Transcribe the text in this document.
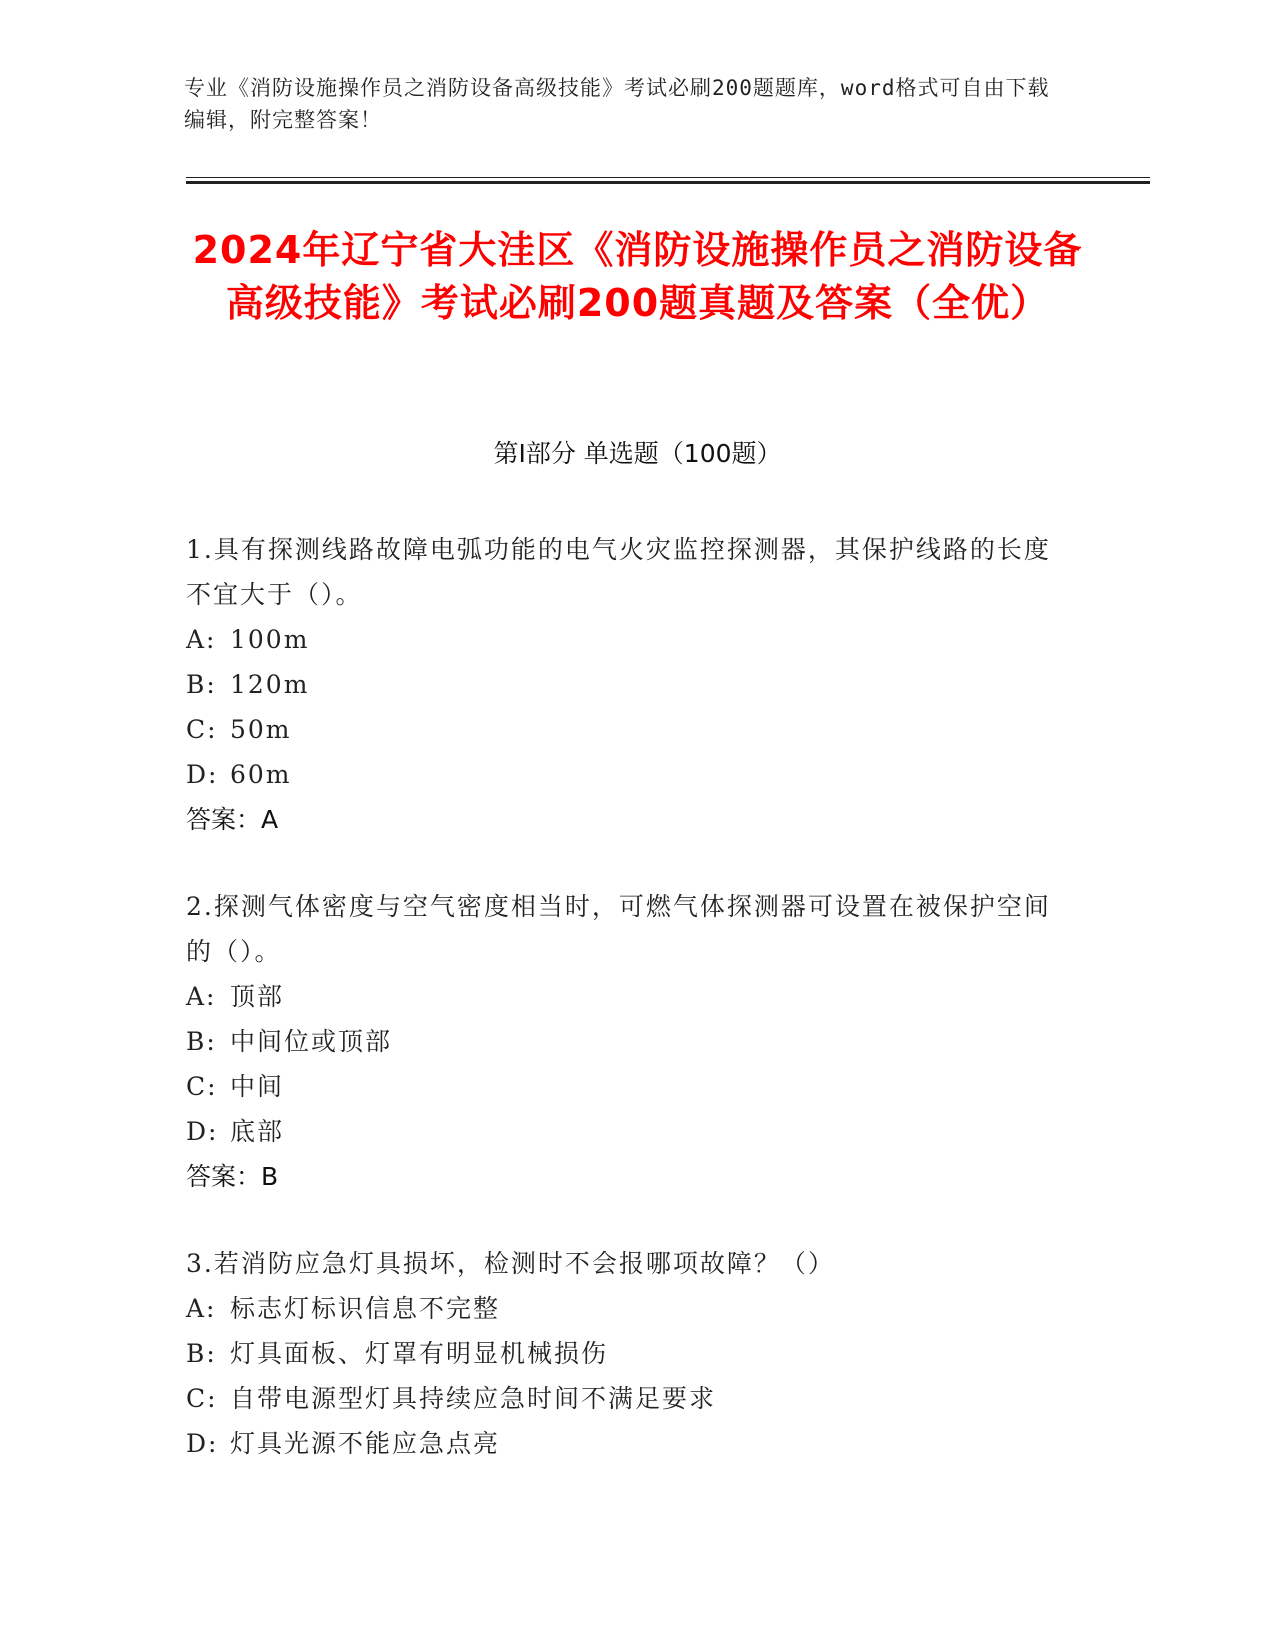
专业《消防设施操作员之消防设备高级技能》考试必刷200题题库，word格式可自由下载编辑，附完整答案！
2024年辽宁省大洼区《消防设施操作员之消防设备高级技能》考试必刷200题真题及答案（全优）
第Ⅰ部分 单选题（100题）

1.具有探测线路故障电弧功能的电气火灾监控探测器，其保护线路的长度不宜大于（）。

A: 100m
B: 120m
C: 50m
D: 60m
答案：A

2.探测气体密度与空气密度相当时，可燃气体探测器可设置在被保护空间的（）。

A: 顶部
B: 中间位或顶部
C: 中间
D: 底部
答案：B

3.若消防应急灯具损坏，检测时不会报哪项故障？（）

A: 标志灯标识信息不完整
B: 灯具面板、灯罩有明显机械损伤
C: 自带电源型灯具持续应急时间不满足要求
D: 灯具光源不能应急点亮
